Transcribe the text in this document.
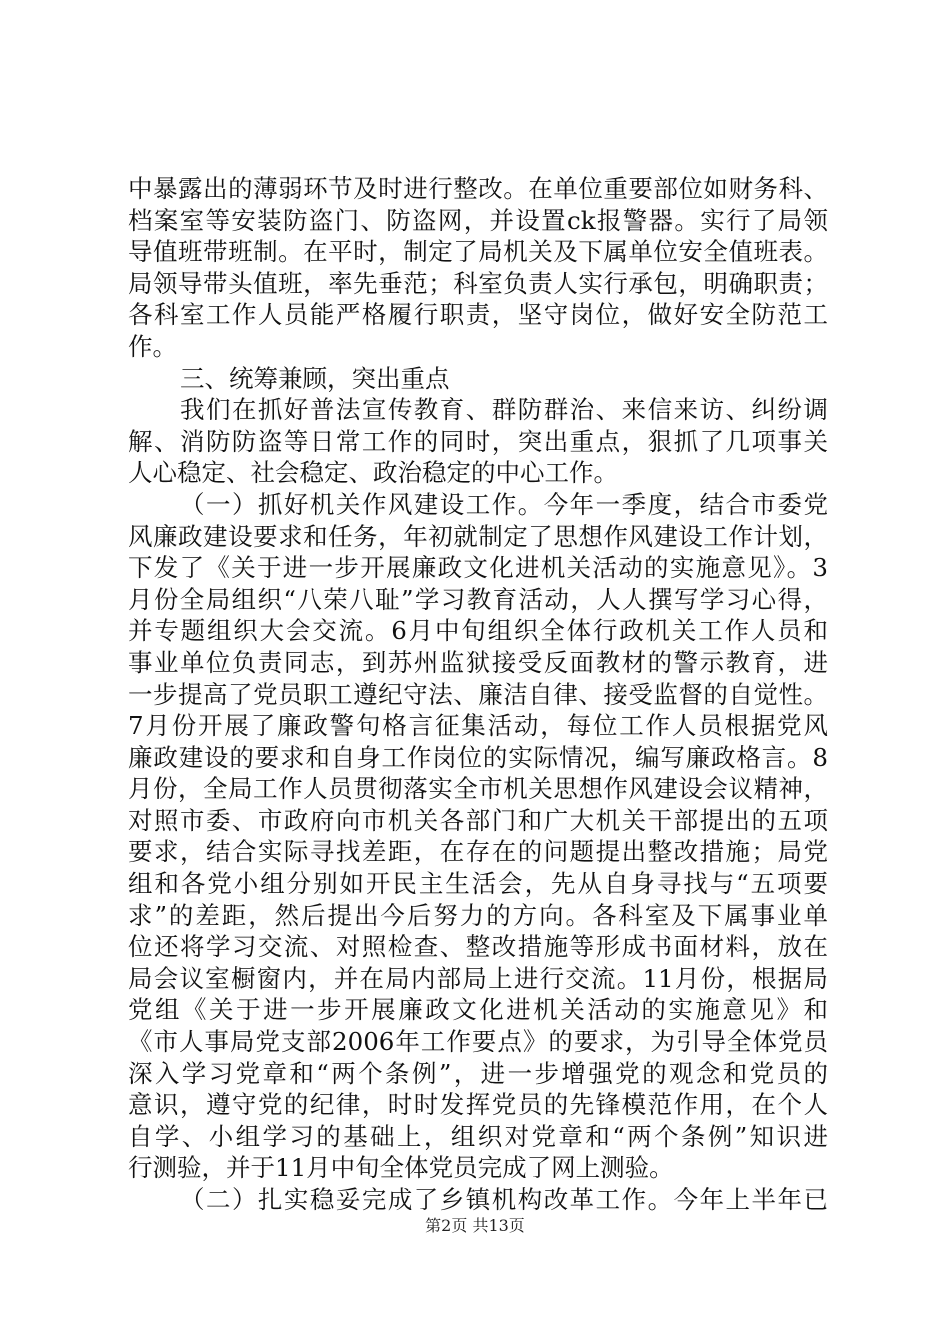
中暴露出的薄弱环节及时进行整改。在单位重要部位如财务科、
档案室等安装防盗门、防盗网，并设置ck报警器。实行了局领
导值班带班制。在平时，制定了局机关及下属单位安全值班表。
局领导带头值班，率先垂范；科室负责人实行承包，明确职责；
各科室工作人员能严格履行职责，坚守岗位，做好安全防范工
作。
三、统筹兼顾，突出重点
我们在抓好普法宣传教育、群防群治、来信来访、纠纷调
解、消防防盗等日常工作的同时，突出重点，狠抓了几项事关
人心稳定、社会稳定、政治稳定的中心工作。
（一）抓好机关作风建设工作。今年一季度，结合市委党
风廉政建设要求和任务，年初就制定了思想作风建设工作计划，
下发了《关于进一步开展廉政文化进机关活动的实施意见》。3
月份全局组织“八荣八耻”学习教育活动，人人撰写学习心得，
并专题组织大会交流。6月中旬组织全体行政机关工作人员和
事业单位负责同志，到苏州监狱接受反面教材的警示教育，进
一步提高了党员职工遵纪守法、廉洁自律、接受监督的自觉性。
7月份开展了廉政警句格言征集活动，每位工作人员根据党风
廉政建设的要求和自身工作岗位的实际情况，编写廉政格言。8
月份，全局工作人员贯彻落实全市机关思想作风建设会议精神，
对照市委、市政府向市机关各部门和广大机关干部提出的五项
要求，结合实际寻找差距，在存在的问题提出整改措施；局党
组和各党小组分别如开民主生活会，先从自身寻找与“五项要
求”的差距，然后提出今后努力的方向。各科室及下属事业单
位还将学习交流、对照检查、整改措施等形成书面材料，放在
局会议室橱窗内，并在局内部局上进行交流。11月份，根据局
党组《关于进一步开展廉政文化进机关活动的实施意见》和
《市人事局党支部2006年工作要点》的要求，为引导全体党员
深入学习党章和“两个条例”，进一步增强党的观念和党员的
意识，遵守党的纪律，时时发挥党员的先锋模范作用，在个人
自学、小组学习的基础上，组织对党章和“两个条例”知识进
行测验，并于11月中旬全体党员完成了网上测验。
（二）扎实稳妥完成了乡镇机构改革工作。今年上半年已
第2页 共13页
